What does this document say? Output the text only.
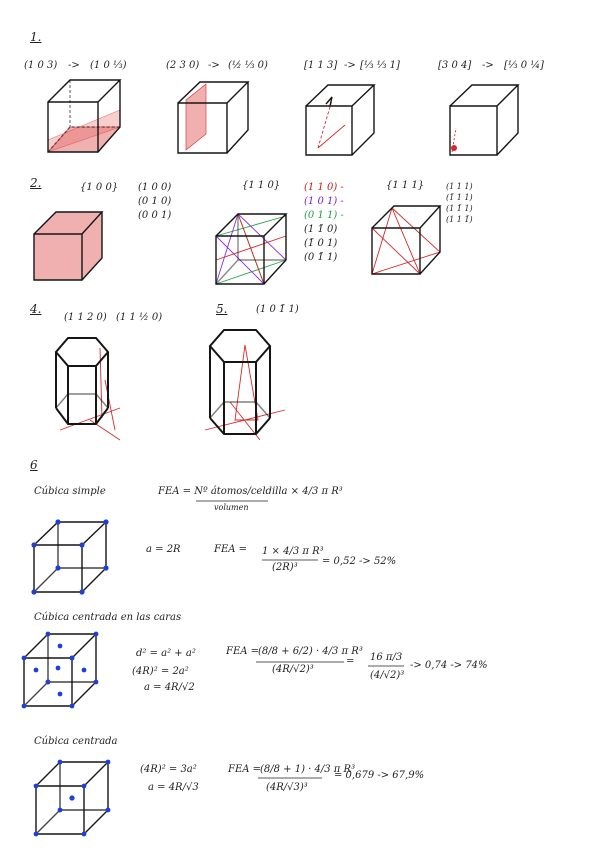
1.
(1 0 3) -> (1 0 ⅓)	(2 3 0) -> (½ ⅓ 0)	[1 1 3] -> [⅓ ⅓ 1]	[3 0 4] -> [⅓ 0 ¼]
2.	{1 0 0} (1 0 0)
(0 1 0)
(0 0 1)
{1 1 0} (1 1 0) -
(1 0 1) -
(0 1 1) -
(1 1̄ 0)
(1̄ 0 1)
(0 1̄ 1)
{1 1 1}	(1 1 1)
(1̄ 1 1)
(1 1̄ 1)
(1 1 1̄)
4.
(1 1 2 0) (1 1 ½ 0)
5.	(1 0 1̄ 1)
6
Cúbica simple	FEA = Nº átomos/celdilla × 4/3 π R³
volumen
a = 2R	FEA = 1 × 4/3 π R³
(2R)³
= 0,52 -> 52%
Cúbica centrada en las caras
d² = a² + a²
(4R)² = 2a²
a = 4R/√2
FEA =
(8/8 + 6/2) · 4/3 π R³
(4R/√2)³
= 16 π/3
(4/√2)³
-> 0,74 -> 74%
Cúbica centrada
(4R)² = 3a²
a = 4R/√3
FEA =
(8/8 + 1) · 4/3 π R³
(4R/√3)³
= 0,679 -> 67,9%
